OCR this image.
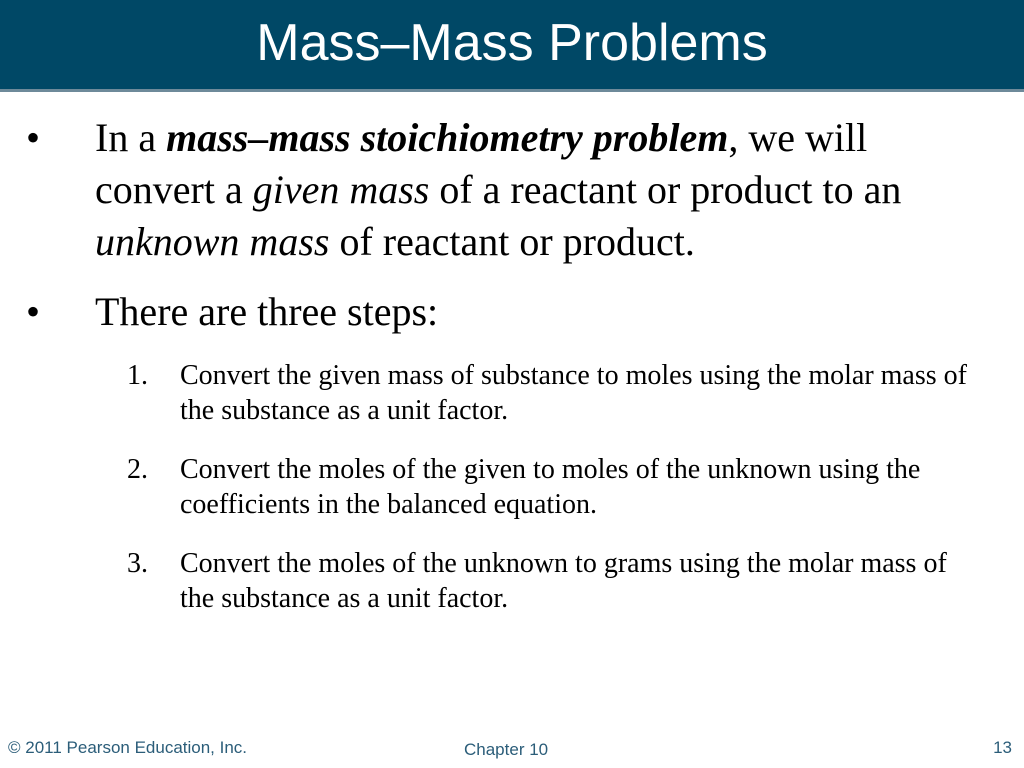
Mass–Mass Problems
• In a mass–mass stoichiometry problem, we will convert a given mass of a reactant or product to an unknown mass of reactant or product.
• There are three steps:
1. Convert the given mass of substance to moles using the molar mass of the substance as a unit factor.
2. Convert the moles of the given to moles of the unknown using the coefficients in the balanced equation.
3. Convert the moles of the unknown to grams using the molar mass of the substance as a unit factor.
© 2011 Pearson Education, Inc.	Chapter 10	13
